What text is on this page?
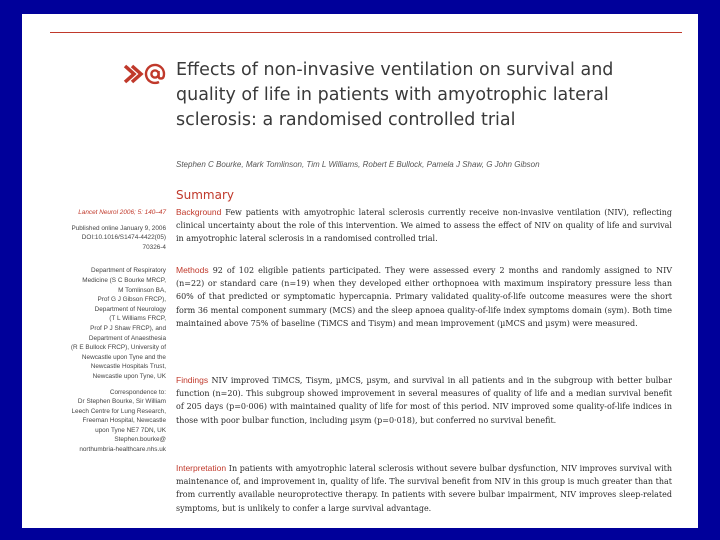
Effects of non-invasive ventilation on survival and quality of life in patients with amyotrophic lateral sclerosis: a randomised controlled trial
Stephen C Bourke, Mark Tomlinson, Tim L Williams, Robert E Bullock, Pamela J Shaw, G John Gibson
Summary
Lancet Neurol 2006; 5: 140–47
Published online January 9, 2006
DOI:10.1016/S1474-4422(05)
70326-4
Department of Respiratory
Medicine (S C Bourke MRCP,
M Tomlinson BA,
Prof G J Gibson FRCP),
Department of Neurology
(T L Williams FRCP,
Prof P J Shaw FRCP), and
Department of Anaesthesia
(R E Bullock FRCP), University of
Newcastle upon Tyne and the
Newcastle Hospitals Trust,
Newcastle upon Tyne, UK
Correspondence to:
Dr Stephen Bourke, Sir William
Leech Centre for Lung Research,
Freeman Hospital, Newcastle
upon Tyne NE7 7DN, UK
Stephen.bourke@
northumbria-healthcare.nhs.uk

Background Few patients with amyotrophic lateral sclerosis currently receive non-invasive ventilation (NIV), reflecting clinical uncertainty about the role of this intervention. We aimed to assess the effect of NIV on quality of life and survival in amyotrophic lateral sclerosis in a randomised controlled trial.

Methods 92 of 102 eligible patients participated. They were assessed every 2 months and randomly assigned to NIV (n=22) or standard care (n=19) when they developed either orthopnoea with maximum inspiratory pressure less than 60% of that predicted or symptomatic hypercapnia. Primary validated quality-of-life outcome measures were the short form 36 mental component summary (MCS) and the sleep apnoea quality-of-life index symptoms domain (sym). Both time maintained above 75% of baseline (TiMCS and Tisym) and mean improvement (µMCS and µsym) were measured.

Findings NIV improved TiMCS, Tisym, µMCS, µsym, and survival in all patients and in the subgroup with better bulbar function (n=20). This subgroup showed improvement in several measures of quality of life and a median survival benefit of 205 days (p=0·006) with maintained quality of life for most of this period. NIV improved some quality-of-life indices in those with poor bulbar function, including µsym (p=0·018), but conferred no survival benefit.

Interpretation In patients with amyotrophic lateral sclerosis without severe bulbar dysfunction, NIV improves survival with maintenance of, and improvement in, quality of life. The survival benefit from NIV in this group is much greater than that from currently available neuroprotective therapy. In patients with severe bulbar impairment, NIV improves sleep-related symptoms, but is unlikely to confer a large survival advantage.
